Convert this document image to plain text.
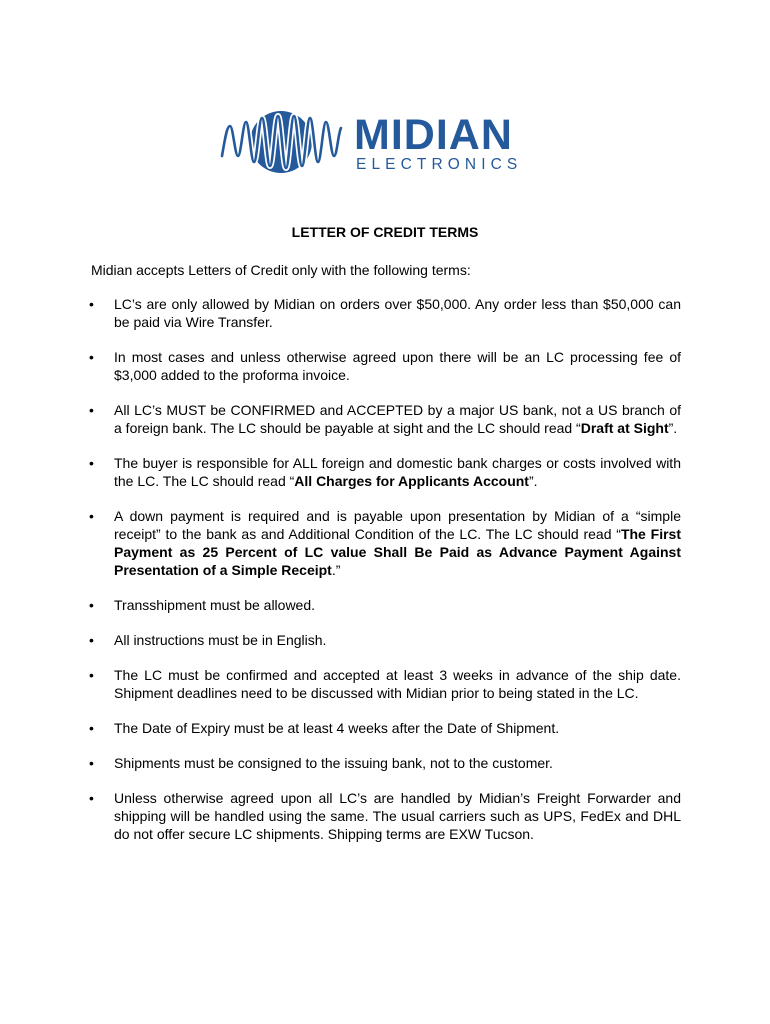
MIDIAN
ELECTRONICS
LETTER OF CREDIT TERMS
Midian accepts Letters of Credit only with the following terms:
•	LC’s are only allowed by Midian on orders over $50,000. Any order less than $50,000 can be paid via Wire Transfer.
•	In most cases and unless otherwise agreed upon there will be an LC processing fee of $3,000 added to the proforma invoice.
•	All LC’s MUST be CONFIRMED and ACCEPTED by a major US bank, not a US branch of a foreign bank. The LC should be payable at sight and the LC should read “Draft at Sight”.
•	The buyer is responsible for ALL foreign and domestic bank charges or costs involved with the LC. The LC should read “All Charges for Applicants Account”.
•	A down payment is required and is payable upon presentation by Midian of a “simple receipt” to the bank as and Additional Condition of the LC. The LC should read “The First Payment as 25 Percent of LC value Shall Be Paid as Advance Payment Against Presentation of a Simple Receipt.”
•	Transshipment must be allowed.
•	All instructions must be in English.
•	The LC must be confirmed and accepted at least 3 weeks in advance of the ship date. Shipment deadlines need to be discussed with Midian prior to being stated in the LC.
•	The Date of Expiry must be at least 4 weeks after the Date of Shipment.
•	Shipments must be consigned to the issuing bank, not to the customer.
•	Unless otherwise agreed upon all LC’s are handled by Midian’s Freight Forwarder and shipping will be handled using the same. The usual carriers such as UPS, FedEx and DHL do not offer secure LC shipments. Shipping terms are EXW Tucson.
